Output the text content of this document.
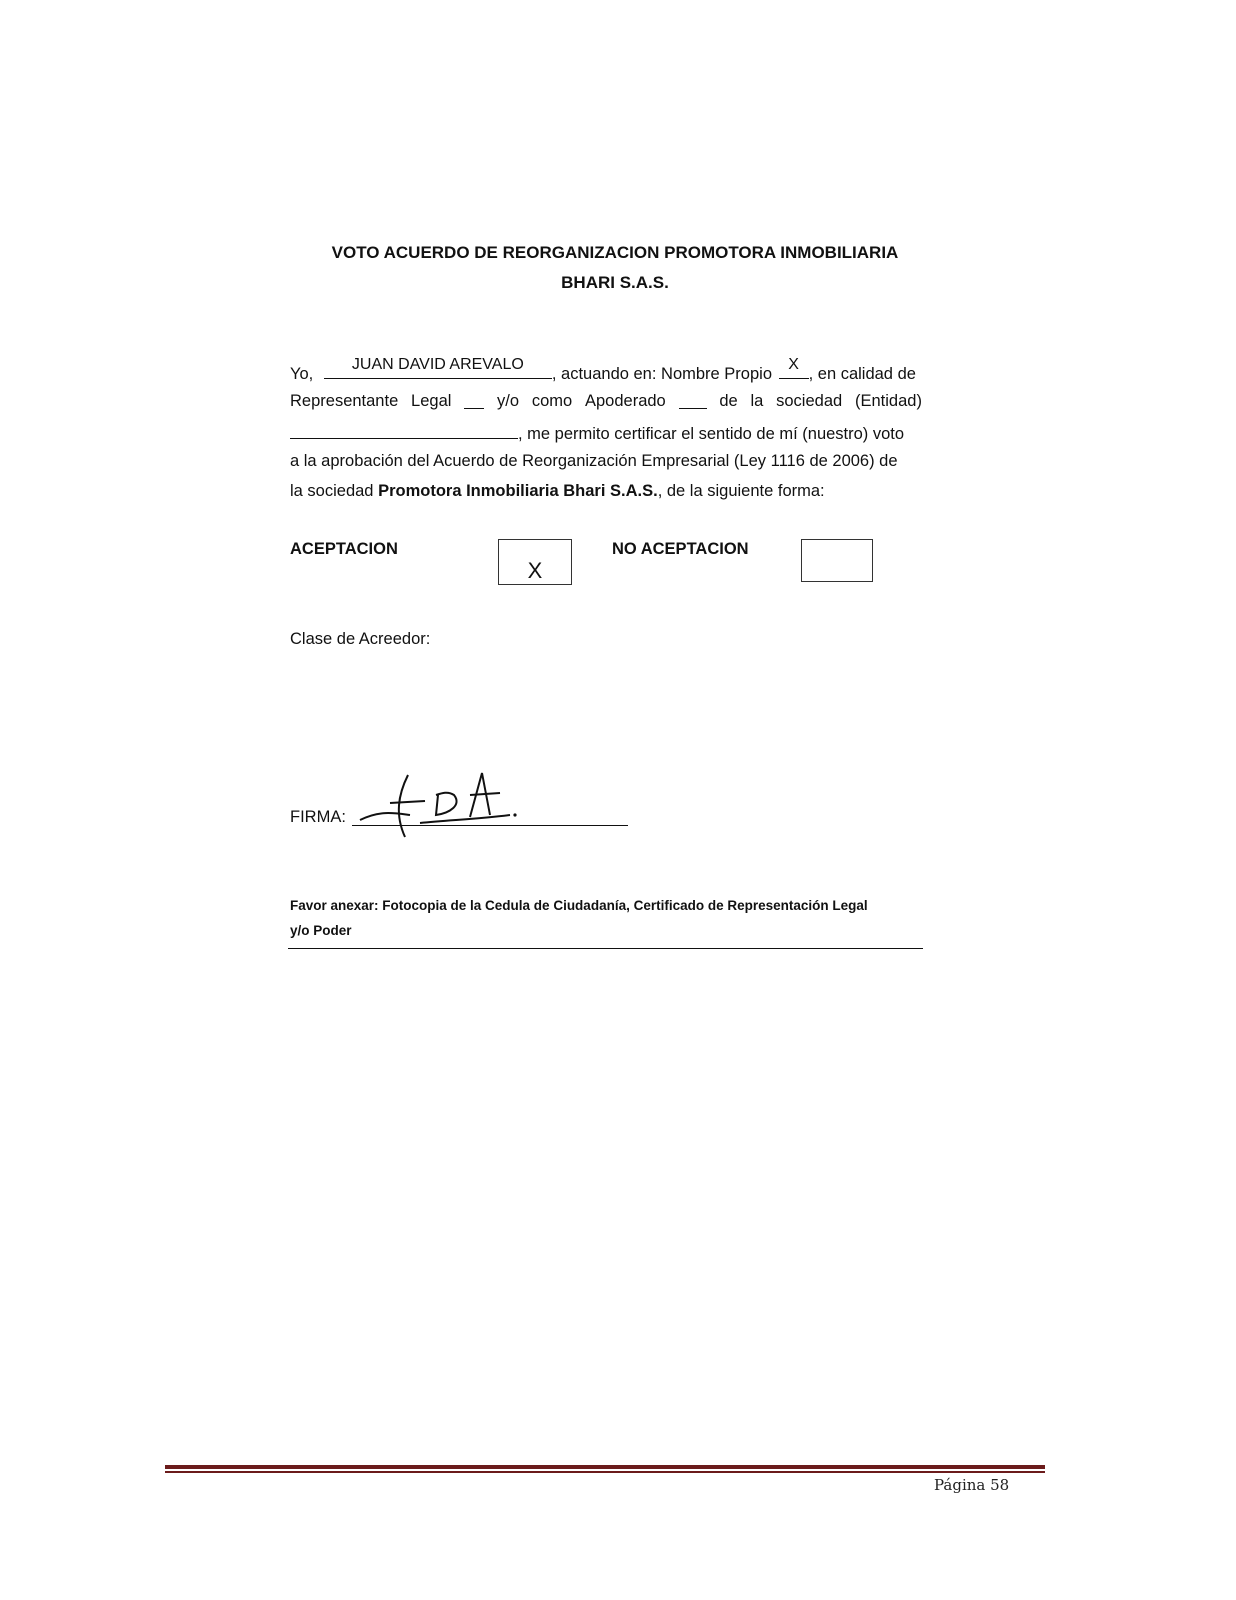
VOTO ACUERDO DE REORGANIZACION PROMOTORA INMOBILIARIA
BHARI S.A.S.
Yo,
JUAN DAVID AREVALO
, actuando en: Nombre Propio
X
, en calidad de
Representante Legal	y/o como Apoderado	de la sociedad (Entidad)
, me permito certificar el sentido de mí (nuestro) voto
a la aprobación del Acuerdo de Reorganización Empresarial (Ley 1116 de 2006) de
la sociedad Promotora Inmobiliaria Bhari S.A.S., de la siguiente forma:
ACEPTACION
X
NO ACEPTACION
Clase de Acreedor:
FIRMA:
Favor anexar: Fotocopia de la Cedula de Ciudadanía, Certificado de Representación Legal
y/o Poder
Página 58
